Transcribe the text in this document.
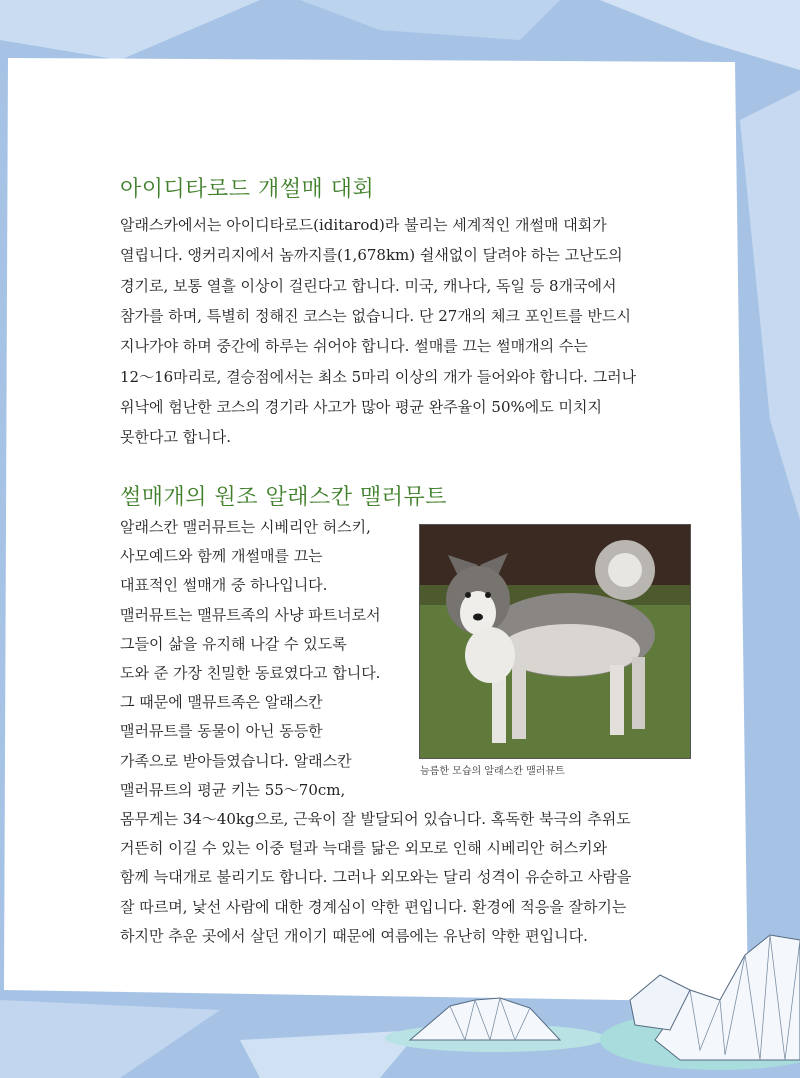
아이디타로드 개썰매 대회

알래스카에서는 아이디타로드(iditarod)라 불리는 세계적인 개썰매 대회가

열립니다. 앵커리지에서 놈까지를(1,678km) 쉴새없이 달려야 하는 고난도의

경기로, 보통 열흘 이상이 걸린다고 합니다. 미국, 캐나다, 독일 등 8개국에서

참가를 하며, 특별히 정해진 코스는 없습니다. 단 27개의 체크 포인트를 반드시

지나가야 하며 중간에 하루는 쉬어야 합니다. 썰매를 끄는 썰매개의 수는

12～16마리로, 결승점에서는 최소 5마리 이상의 개가 들어와야 합니다. 그러나

위낙에 험난한 코스의 경기라 사고가 많아 평균 완주율이 50%에도 미치지

못한다고 합니다.

썰매개의 원조 알래스칸 맬러뮤트

알래스칸 맬러뮤트는 시베리안 허스키,

사모예드와 함께 개썰매를 끄는

대표적인 썰매개 중 하나입니다.

맬러뮤트는 맬뮤트족의 사냥 파트너로서

그들이 삶을 유지해 나갈 수 있도록

도와 준 가장 친밀한 동료였다고 합니다.

그 때문에 맬뮤트족은 알래스칸

맬러뮤트를 동물이 아닌 동등한

가족으로 받아들였습니다. 알래스칸

맬러뮤트의 평균 키는 55～70cm,

몸무게는 34～40kg으로, 근육이 잘 발달되어 있습니다. 혹독한 북극의 추위도

거뜬히 이길 수 있는 이중 털과 늑대를 닮은 외모로 인해 시베리안 허스키와

함께 늑대개로 불리기도 합니다. 그러나 외모와는 달리 성격이 유순하고 사람을

잘 따르며, 낯선 사람에 대한 경계심이 약한 편입니다. 환경에 적응을 잘하기는

하지만 추운 곳에서 살던 개이기 때문에 여름에는 유난히 약한 편입니다.

늠름한 모습의 알래스칸 맬러뮤트
